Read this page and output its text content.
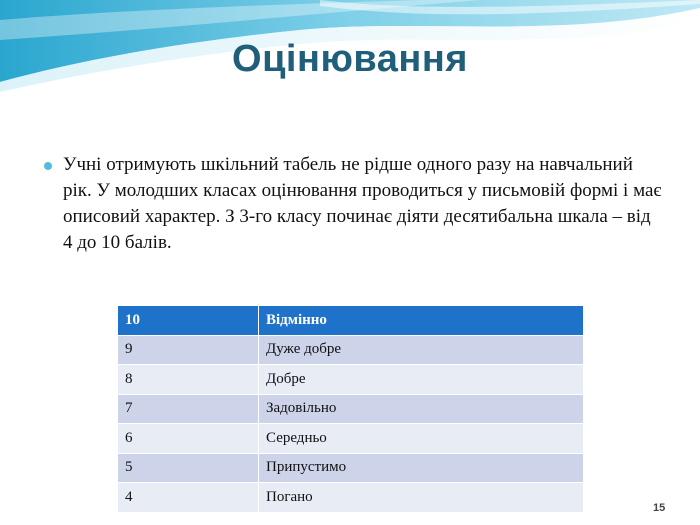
Оцінювання
Учні отримують шкільний табель не рідше одного разу на навчальний рік. У молодших класах оцінювання проводиться у письмовій формі і має описовий характер. З 3-го класу починає діяти десятибальна шкала – від 4 до 10 балів.
10	Відмінно
9	Дуже добре
8	Добре
7	Задовільно
6	Середньо
5	Припустимо
4	Погано
15
